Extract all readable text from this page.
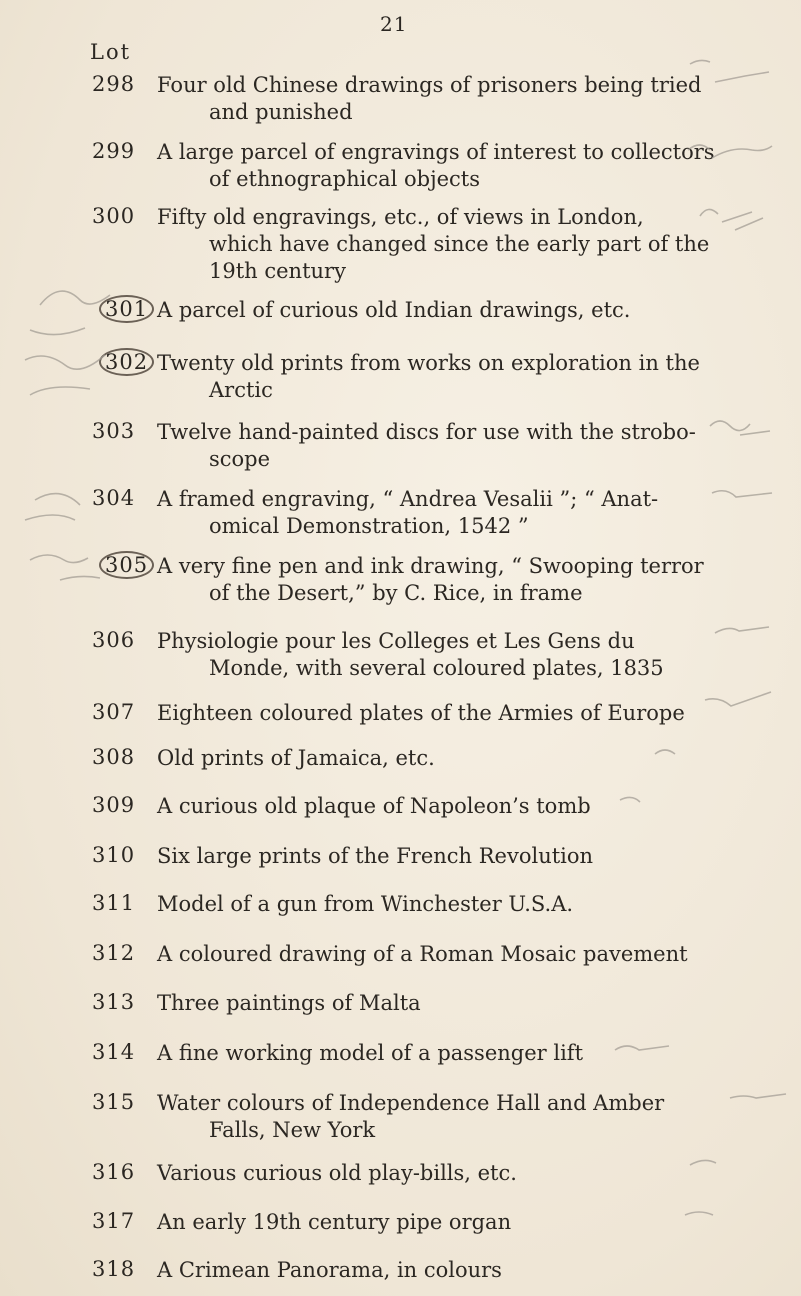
21
Lot
298 Four old Chinese drawings of prisoners being tried
and punished
299 A large parcel of engravings of interest to collectors
of ethnographical objects
300 Fifty old engravings, etc., of views in London,
which have changed since the early part of the
19th century
301 A parcel of curious old Indian drawings, etc.
302 Twenty old prints from works on exploration in the
Arctic
303 Twelve hand-painted discs for use with the strobo-
scope
304 A framed engraving, “ Andrea Vesalii ”; “ Anat-
omical Demonstration, 1542 ”
305 A very fine pen and ink drawing, “ Swooping terror
of the Desert,” by C. Rice, in frame
306 Physiologie pour les Colleges et Les Gens du
Monde, with several coloured plates, 1835
307 Eighteen coloured plates of the Armies of Europe
308 Old prints of Jamaica, etc.
309 A curious old plaque of Napoleon’s tomb
310 Six large prints of the French Revolution
311 Model of a gun from Winchester U.S.A.
312 A coloured drawing of a Roman Mosaic pavement
313 Three paintings of Malta
314 A fine working model of a passenger lift
315 Water colours of Independence Hall and Amber
Falls, New York
316 Various curious old play-bills, etc.
317 An early 19th century pipe organ
318 A Crimean Panorama, in colours
